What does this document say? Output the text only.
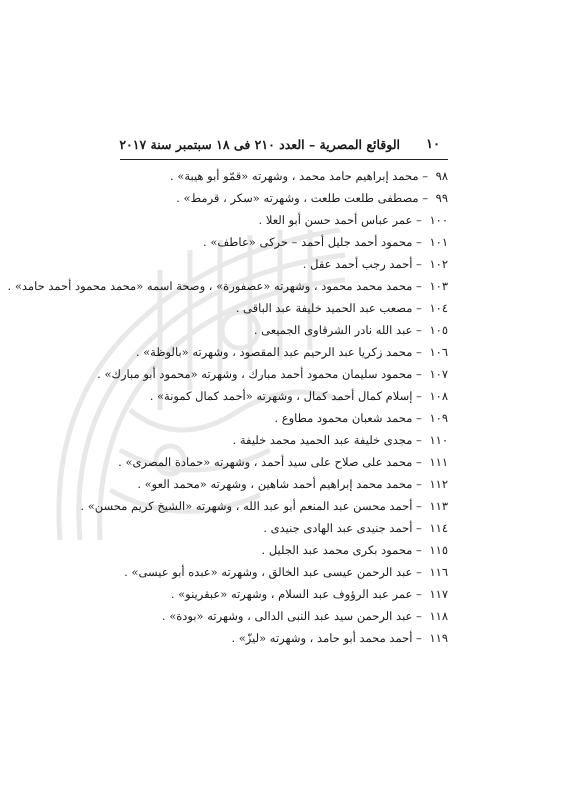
١٠
الوقائع المصرية – العدد ٢١٠ فى ١٨ سبتمبر سنة ٢٠١٧
٩٨ – محمد إبراهيم حامد محمد ، وشهرته «قمّو أبو هيبة» .
٩٩ – مصطفى طلعت طلعت ، وشهرته «سكر ، قرمط» .
١٠٠ – عمر عباس أحمد حسن أبو العلا .
١٠١ – محمود أحمد جليل أحمد – حركى «عاطف» .
١٠٢ – أحمد رجب أحمد عقل .
١٠٣ – محمد محمد محمود ، وشهرته «عصفورة» ، وصحة اسمه «محمد محمود أحمد حامد» .
١٠٤ – مصعب عبد الحميد خليفة عبد الباقى .
١٠٥ – عبد الله نادر الشرقاوى الجميعى .
١٠٦ – محمد زكريا عبد الرحيم عبد المقصود ، وشهرته «بالوظة» .
١٠٧ – محمود سليمان محمود أحمد مبارك ، وشهرته «محمود أبو مبارك» .
١٠٨ – إسلام كمال أحمد كمال ، وشهرته «أحمد كمال كمونة» .
١٠٩ – محمد شعبان محمود مطاوع .
١١٠ – مجدى خليفة عبد الحميد محمد خليفة .
١١١ – محمد على صلاح على سيد أحمد ، وشهرته «حمادة المصرى» .
١١٢ – محمد محمد إبراهيم أحمد شاهين ، وشهرته «محمد العو» .
١١٣ – أحمد محسن عبد المنعم أبو عبد الله ، وشهرته «الشيخ كريم محسن» .
١١٤ – أحمد جنيدى عبد الهادى جنيدى .
١١٥ – محمود بكرى محمد عبد الجليل .
١١٦ – عبد الرحمن عيسى عبد الخالق ، وشهرته «عبده أبو عيسى» .
١١٧ – عمر عبد الرؤوف عبد السلام ، وشهرته «عبقرينو» .
١١٨ – عبد الرحمن سيد عبد النبى الدالى ، وشهرته «بودة» .
١١٩ – أحمد محمد أبو حامد ، وشهرته «ليزّ» .
